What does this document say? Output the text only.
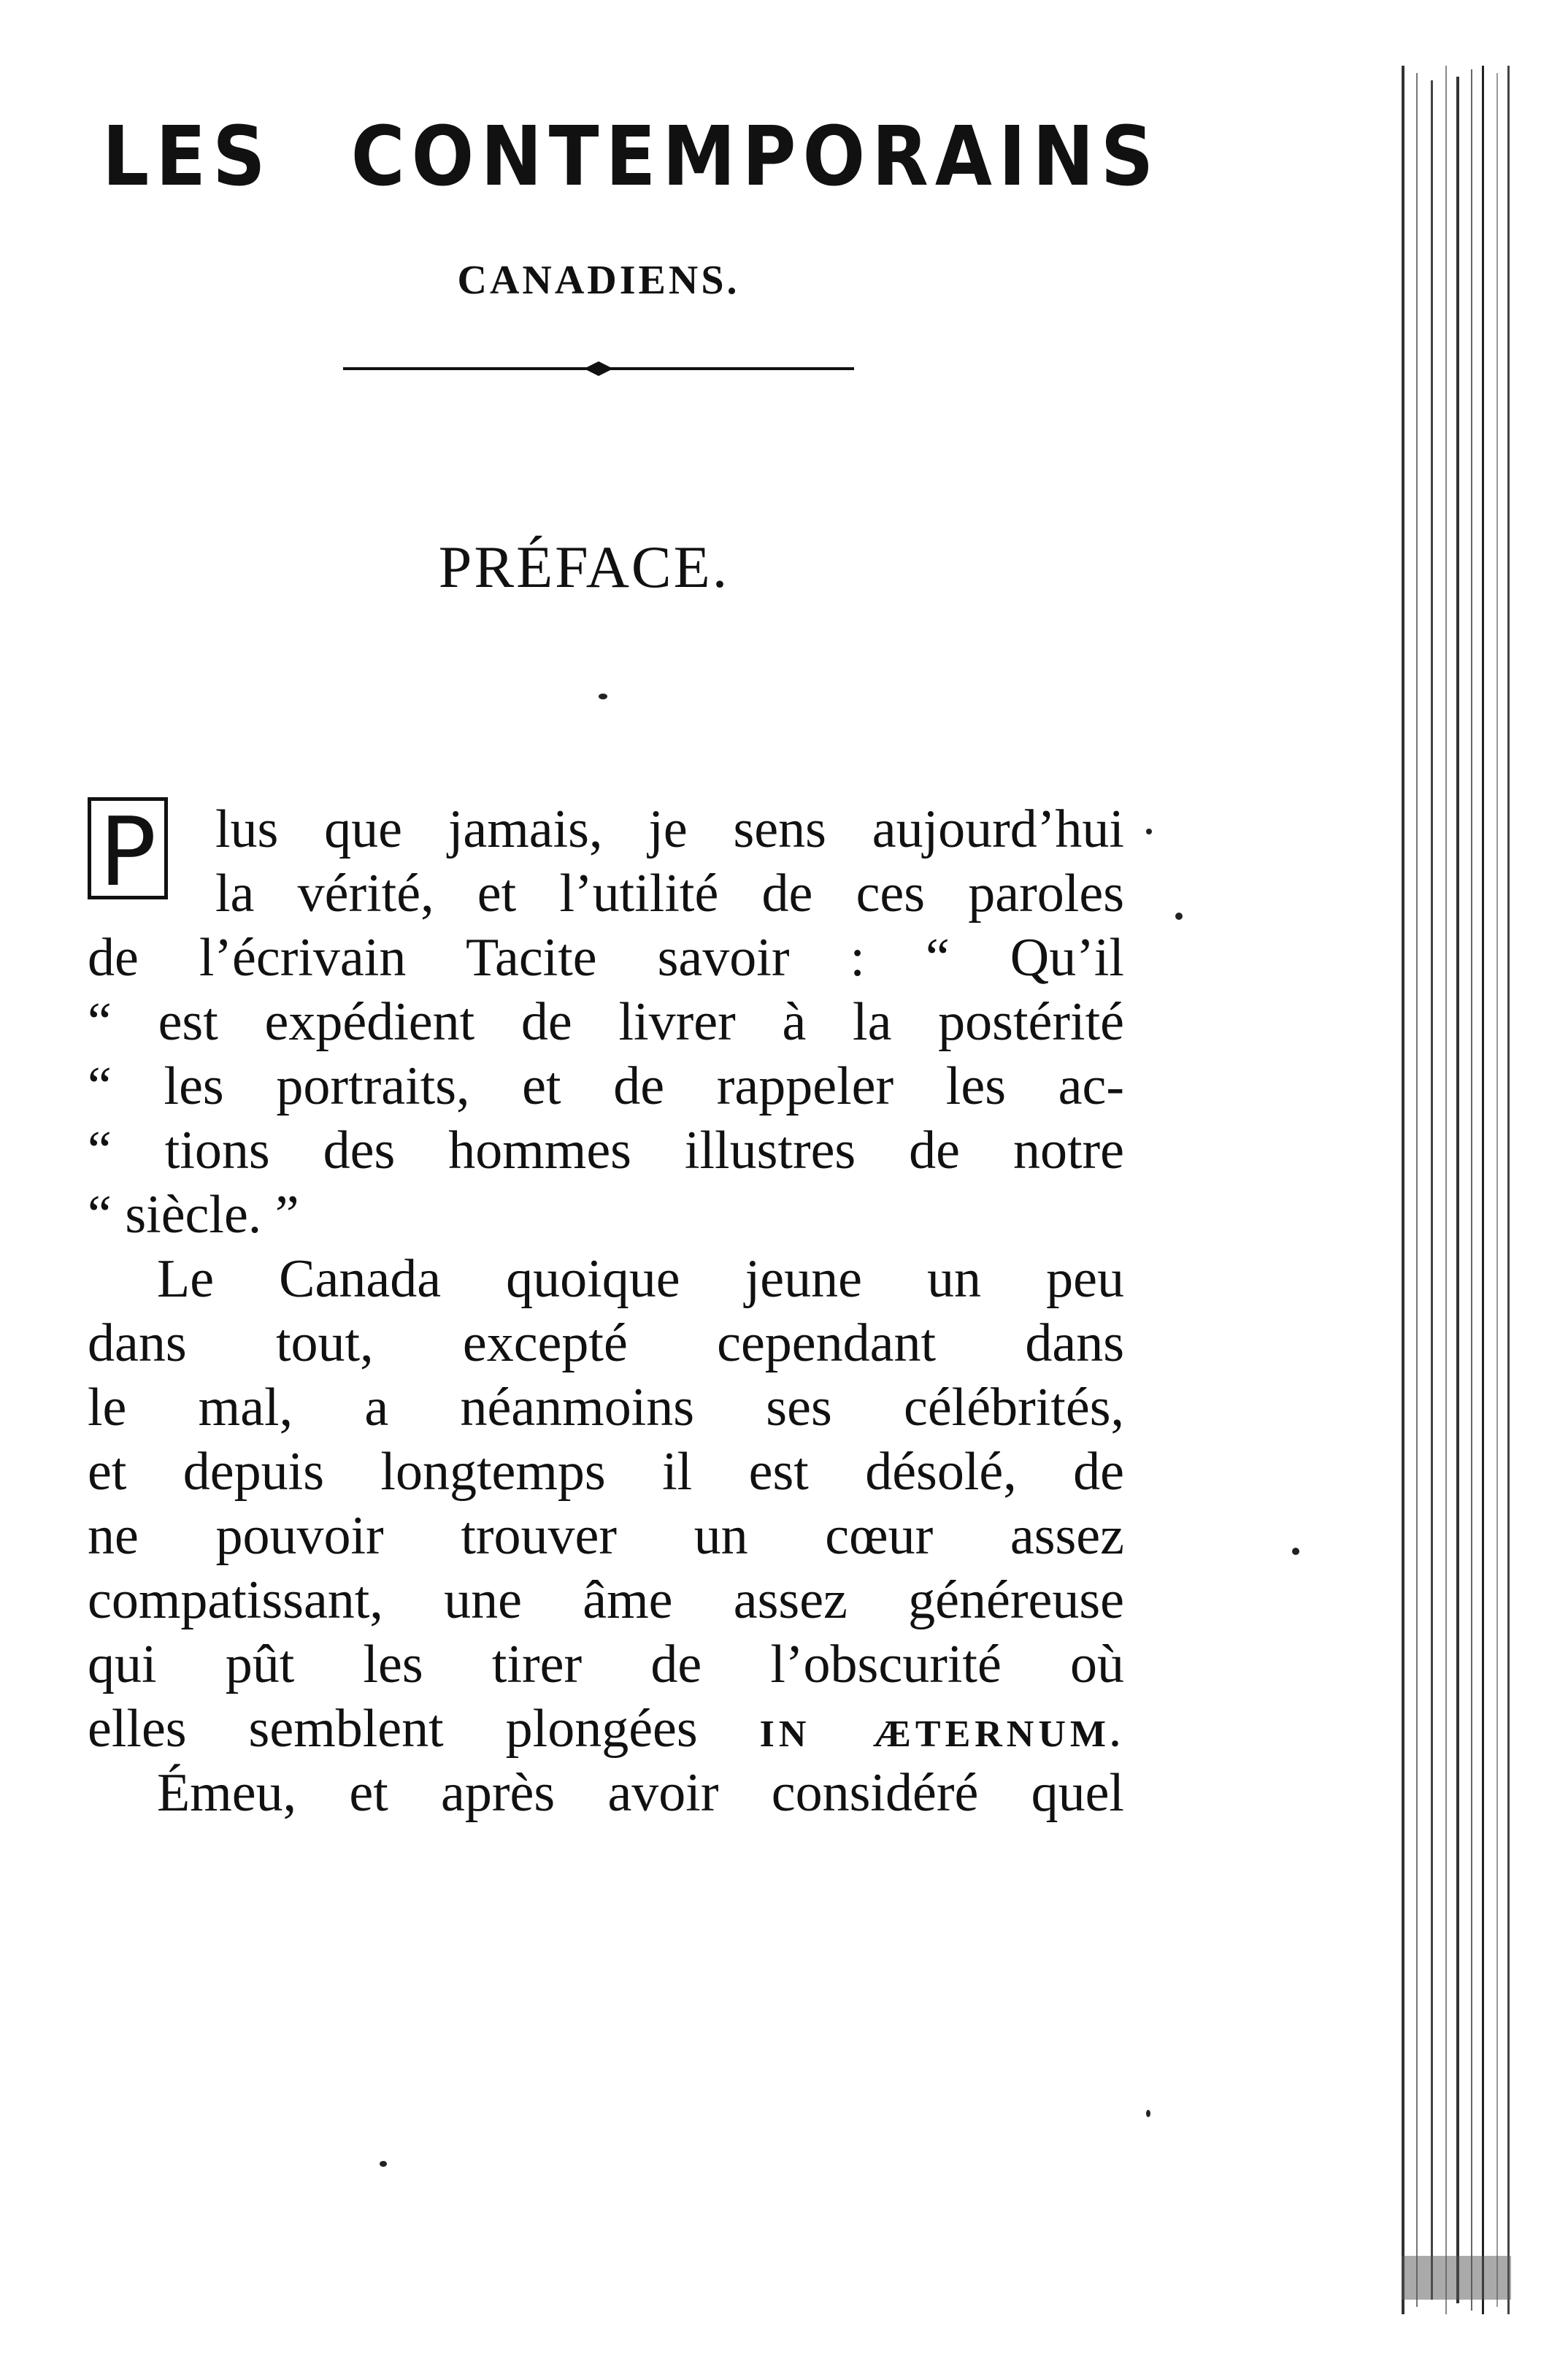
LES CONTEMPORAINS
CANADIENS.
PRÉFACE.
P	lus que jamais, je sens aujourd’hui
la vérité, et l’utilité de ces paroles
de l’écrivain Tacite savoir : “ Qu’il
“ est expédient de livrer à la postérité
“ les portraits, et de rappeler les ac-
“ tions des hommes illustres de notre
“ siècle. ”
Le Canada quoique jeune un peu
dans tout, excepté cependant dans
le mal, a néanmoins ses célébrités,
et depuis longtemps il est désolé, de
ne pouvoir trouver un cœur assez
compatissant, une âme assez généreuse
qui pût les tirer de l’obscurité où
elles semblent plongées IN ÆTERNUM.
Émeu, et après avoir considéré quel
